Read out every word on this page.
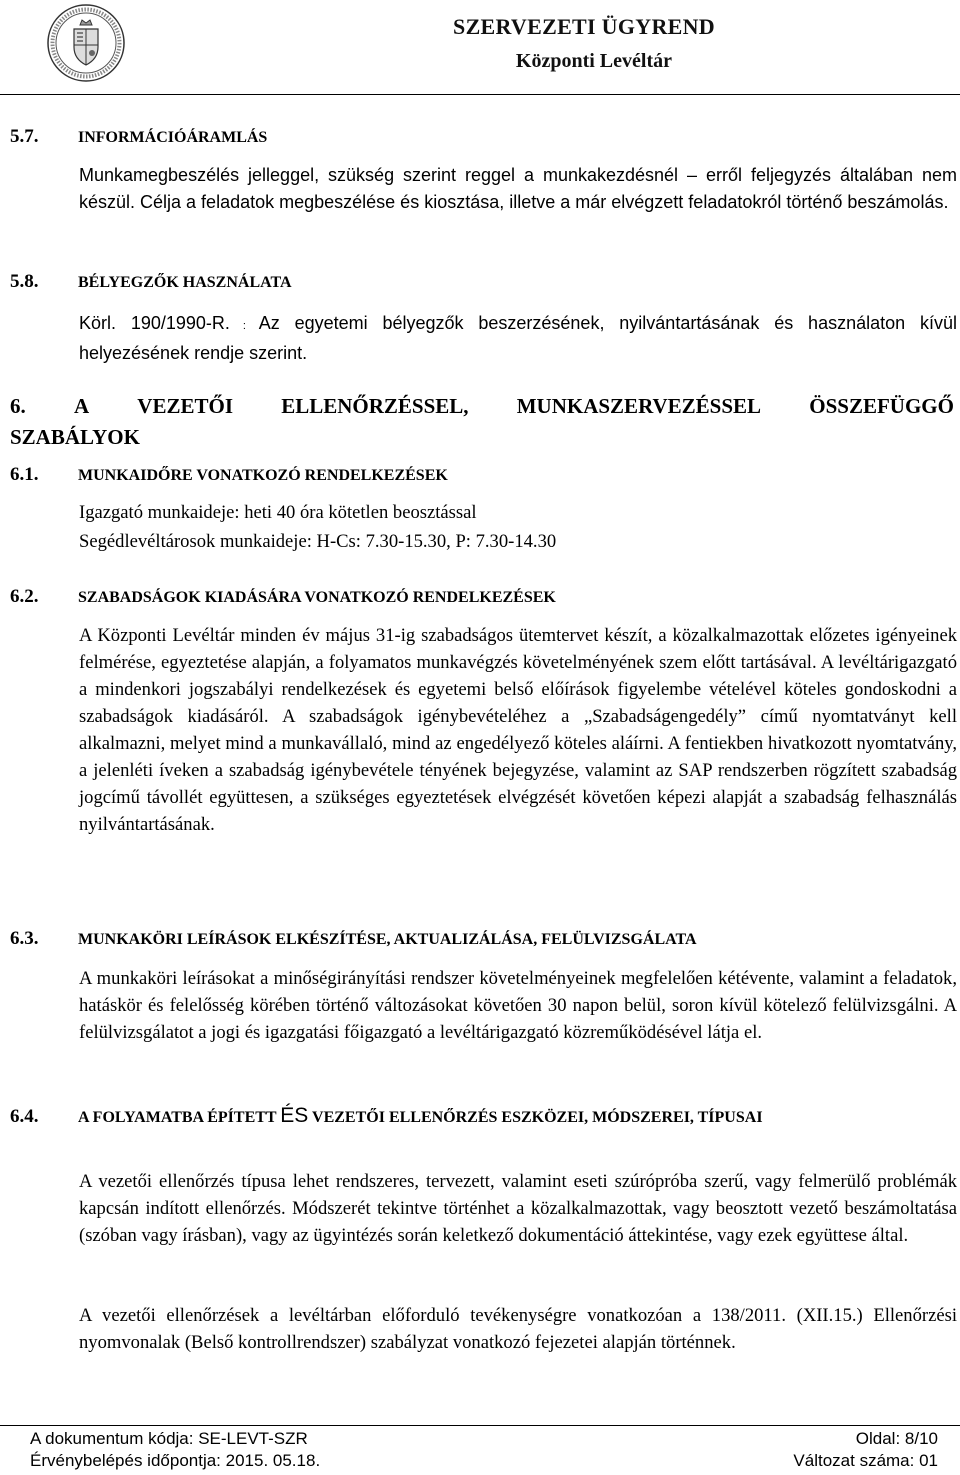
SZERVEZETI ÜGYREND
Központi Levéltár
5.7. INFORMÁCIÓÁRAMLÁS
Munkamegbeszélés jelleggel, szükség szerint reggel a munkakezdésnél – erről feljegyzés általában nem készül. Célja a feladatok megbeszélése és kiosztása, illetve a már elvégzett feladatokról történő beszámolás.
5.8. BÉLYEGZŐK HASZNÁLATA
Körl. 190/1990-R. : Az egyetemi bélyegzők beszerzésének, nyilvántartásának és használaton kívül helyezésének rendje szerint.
6. A VEZETŐI ELLENŐRZÉSSEL, MUNKASZERVEZÉSSEL ÖSSZEFÜGGŐ
SZABÁLYOK
6.1. MUNKAIDŐRE VONATKOZÓ RENDELKEZÉSEK
Igazgató munkaideje: heti 40 óra kötetlen beosztással
Segédlevéltárosok munkaideje: H-Cs: 7.30-15.30, P: 7.30-14.30
6.2. SZABADSÁGOK KIADÁSÁRA VONATKOZÓ RENDELKEZÉSEK
A Központi Levéltár minden év május 31-ig szabadságos ütemtervet készít, a közalkalmazottak előzetes igényeinek felmérése, egyeztetése alapján, a folyamatos munkavégzés követelményének szem előtt tartásával. A levéltárigazgató a mindenkori jogszabályi rendelkezések és egyetemi belső előírások figyelembe vételével köteles gondoskodni a szabadságok kiadásáról. A szabadságok igénybevételéhez a „Szabadságengedély” című nyomtatványt kell alkalmazni, melyet mind a munkavállaló, mind az engedélyező köteles aláírni. A fentiekben hivatkozott nyomtatvány, a jelenléti íveken a szabadság igénybevétele tényének bejegyzése, valamint az SAP rendszerben rögzített szabadság jogcímű távollét együttesen, a szükséges egyeztetések elvégzését követően képezi alapját a szabadság felhasználás nyilvántartásának.
6.3. MUNKAKÖRI LEÍRÁSOK ELKÉSZÍTÉSE, AKTUALIZÁLÁSA, FELÜLVIZSGÁLATA
A munkaköri leírásokat a minőségirányítási rendszer követelményeinek megfelelően kétévente, valamint a feladatok, hatáskör és felelősség körében történő változásokat követően 30 napon belül, soron kívül kötelező felülvizsgálni. A felülvizsgálatot a jogi és igazgatási főigazgató a levéltárigazgató közreműködésével látja el.
6.4. A FOLYAMATBA ÉPÍTETT ÉS VEZETŐI ELLENŐRZÉS ESZKÖZEI, MÓDSZEREI, TÍPUSAI
A vezetői ellenőrzés típusa lehet rendszeres, tervezett, valamint eseti szúrópróba szerű, vagy felmerülő problémák kapcsán indított ellenőrzés. Módszerét tekintve történhet a közalkalmazottak, vagy beosztott vezető beszámoltatása (szóban vagy írásban), vagy az ügyintézés során keletkező dokumentáció áttekintése, vagy ezek együttese által.
A vezetői ellenőrzések a levéltárban előforduló tevékenységre vonatkozóan a 138/2011. (XII.15.) Ellenőrzési nyomvonalak (Belső kontrollrendszer) szabályzat vonatkozó fejezetei alapján történnek.
A dokumentum kódja: SE-LEVT-SZR	Oldal: 8/10
Érvénybelépés időpontja: 2015. 05.18.	Változat száma: 01
